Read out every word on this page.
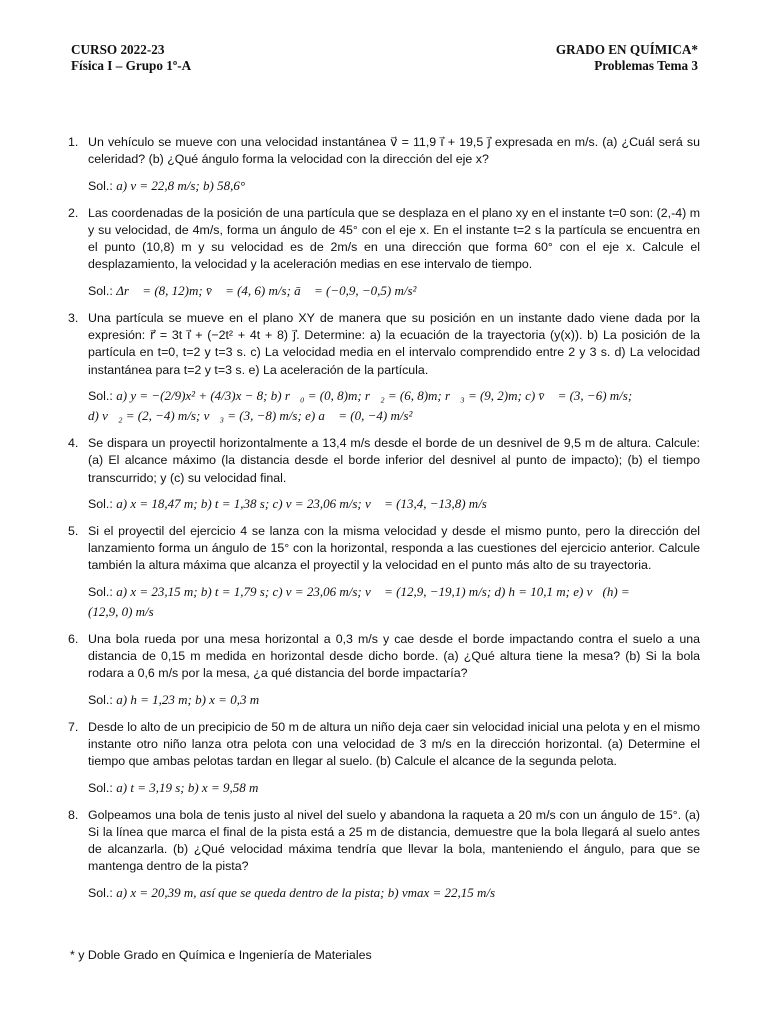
CURSO 2022-23
Física I – Grupo 1º-A
GRADO EN QUÍMICA*
Problemas Tema 3
1. Un vehículo se mueve con una velocidad instantánea v⃗ = 11,9 i⃗ + 19,5 j⃗ expresada en m/s. (a) ¿Cuál será su celeridad? (b) ¿Qué ángulo forma la velocidad con la dirección del eje x?

Sol.: a) v = 22,8 m/s; b) 58,6°

2. Las coordenadas de la posición de una partícula que se desplaza en el plano xy en el instante t=0 son: (2,-4) m y su velocidad, de 4m/s, forma un ángulo de 45° con el eje x. En el instante t=2 s la partícula se encuentra en el punto (10,8) m y su velocidad es de 2m/s en una dirección que forma 60° con el eje x. Calcule el desplazamiento, la velocidad y la aceleración medias en ese intervalo de tiempo.

Sol.: Δr⃗ = (8, 12)m; v̄⃗ = (4, 6) m/s; ā⃗ = (−0,9, −0,5) m/s²

3. Una partícula se mueve en el plano XY de manera que su posición en un instante dado viene dada por la expresión: r⃗ = 3t i⃗ + (−2t² + 4t + 8) j⃗. Determine: a) la ecuación de la trayectoria (y(x)). b) La posición de la partícula en t=0, t=2 y t=3 s. c) La velocidad media en el intervalo comprendido entre 2 y 3 s. d) La velocidad instantánea para t=2 y t=3 s. e) La aceleración de la partícula.

Sol.: a) y = −(2/9)x² + (4/3)x − 8; b) r⃗₀ = (0, 8)m; r⃗₂ = (6, 8)m; r⃗₃ = (9, 2)m; c) v̄⃗ = (3, −6) m/s;
d) v⃗₂ = (2, −4) m/s; v⃗₃ = (3, −8) m/s; e) a⃗ = (0, −4) m/s²

4. Se dispara un proyectil horizontalmente a 13,4 m/s desde el borde de un desnivel de 9,5 m de altura. Calcule: (a) El alcance máximo (la distancia desde el borde inferior del desnivel al punto de impacto); (b) el tiempo transcurrido; y (c) su velocidad final.

Sol.: a) x = 18,47 m; b) t = 1,38 s; c) v = 23,06 m/s; v⃗ = (13,4, −13,8) m/s

5. Si el proyectil del ejercicio 4 se lanza con la misma velocidad y desde el mismo punto, pero la dirección del lanzamiento forma un ángulo de 15° con la horizontal, responda a las cuestiones del ejercicio anterior. Calcule también la altura máxima que alcanza el proyectil y la velocidad en el punto más alto de su trayectoria.

Sol.: a) x = 23,15 m; b) t = 1,79 s; c) v = 23,06 m/s; v⃗ = (12,9, −19,1) m/s; d) h = 10,1 m; e) v⃗(h) =
(12,9, 0) m/s

6. Una bola rueda por una mesa horizontal a 0,3 m/s y cae desde el borde impactando contra el suelo a una distancia de 0,15 m medida en horizontal desde dicho borde. (a) ¿Qué altura tiene la mesa? (b) Si la bola rodara a 0,6 m/s por la mesa, ¿a qué distancia del borde impactaría?

Sol.: a) h = 1,23 m; b) x = 0,3 m

7. Desde lo alto de un precipicio de 50 m de altura un niño deja caer sin velocidad inicial una pelota y en el mismo instante otro niño lanza otra pelota con una velocidad de 3 m/s en la dirección horizontal. (a) Determine el tiempo que ambas pelotas tardan en llegar al suelo. (b) Calcule el alcance de la segunda pelota.

Sol.: a) t = 3,19 s; b) x = 9,58 m

8. Golpeamos una bola de tenis justo al nivel del suelo y abandona la raqueta a 20 m/s con un ángulo de 15°. (a) Si la línea que marca el final de la pista está a 25 m de distancia, demuestre que la bola llegará al suelo antes de alcanzarla. (b) ¿Qué velocidad máxima tendría que llevar la bola, manteniendo el ángulo, para que se mantenga dentro de la pista?

Sol.: a) x = 20,39 m, así que se queda dentro de la pista; b) vmax = 22,15 m/s

* y Doble Grado en Química e Ingeniería de Materiales
